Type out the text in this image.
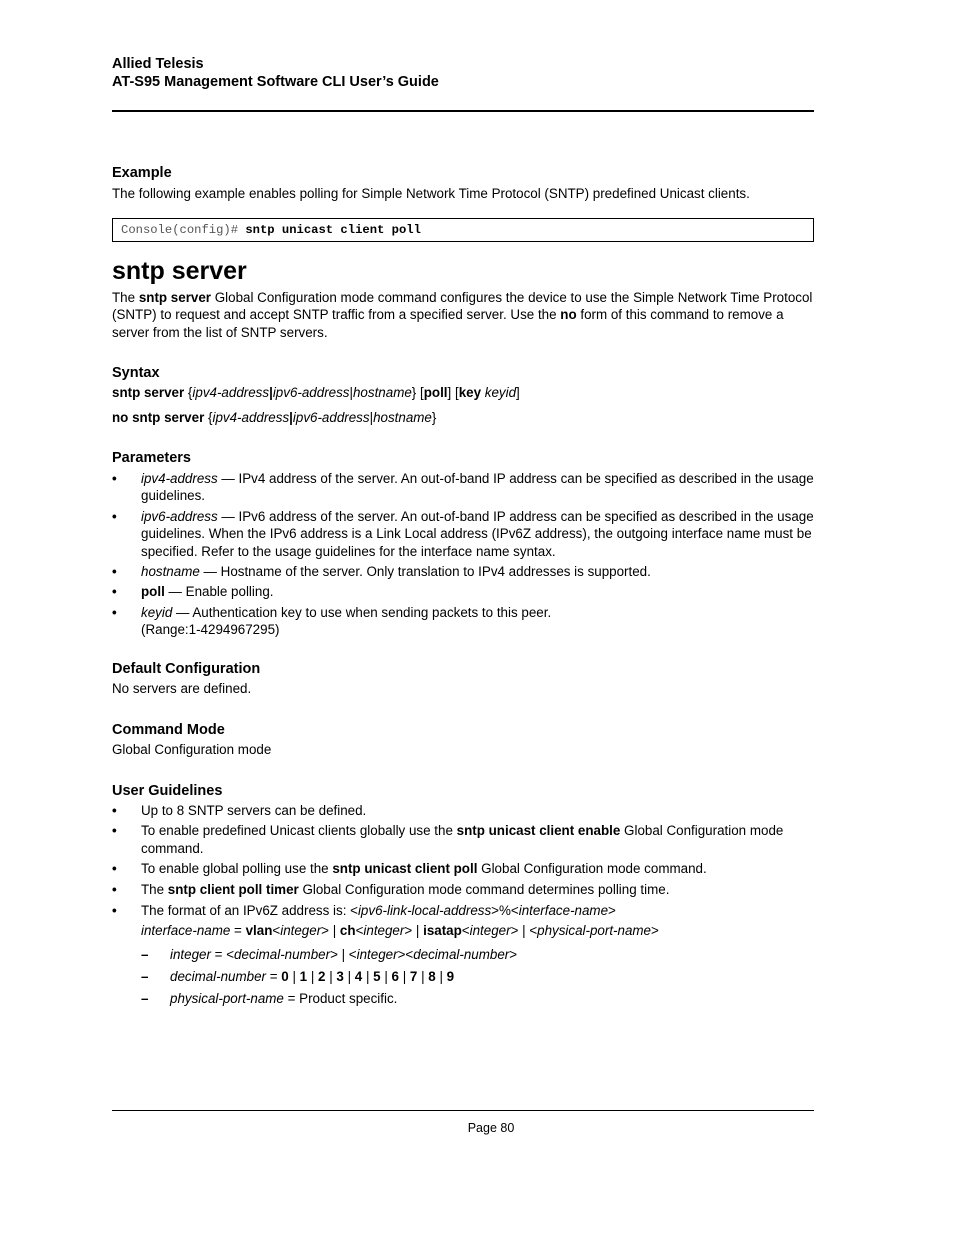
Allied Telesis
AT-S95 Management Software CLI User’s Guide
Example
The following example enables polling for Simple Network Time Protocol (SNTP) predefined Unicast clients.
Console(config)# sntp unicast client poll
sntp server
The sntp server Global Configuration mode command configures the device to use the Simple Network Time Protocol (SNTP) to request and accept SNTP traffic from a specified server. Use the no form of this command to remove a server from the list of SNTP servers.
Syntax
sntp server {ipv4-address|ipv6-address|hostname} [poll] [key keyid]
no sntp server {ipv4-address|ipv6-address|hostname}
Parameters
• ipv4-address — IPv4 address of the server. An out-of-band IP address can be specified as described in the usage guidelines.
• ipv6-address — IPv6 address of the server. An out-of-band IP address can be specified as described in the usage guidelines. When the IPv6 address is a Link Local address (IPv6Z address), the outgoing interface name must be specified. Refer to the usage guidelines for the interface name syntax.
• hostname — Hostname of the server. Only translation to IPv4 addresses is supported.
• poll — Enable polling.
• keyid — Authentication key to use when sending packets to this peer.
(Range:1-4294967295)
Default Configuration
No servers are defined.
Command Mode
Global Configuration mode
User Guidelines
• Up to 8 SNTP servers can be defined.
• To enable predefined Unicast clients globally use the sntp unicast client enable Global Configuration mode command.
• To enable global polling use the sntp unicast client poll Global Configuration mode command.
• The sntp client poll timer Global Configuration mode command determines polling time.
• The format of an IPv6Z address is: <ipv6-link-local-address>%<interface-name>
interface-name = vlan<integer> | ch<integer> | isatap<integer> | <physical-port-name>
– integer = <decimal-number> | <integer><decimal-number>
– decimal-number = 0 | 1 | 2 | 3 | 4 | 5 | 6 | 7 | 8 | 9
– physical-port-name = Product specific.
Page 80
